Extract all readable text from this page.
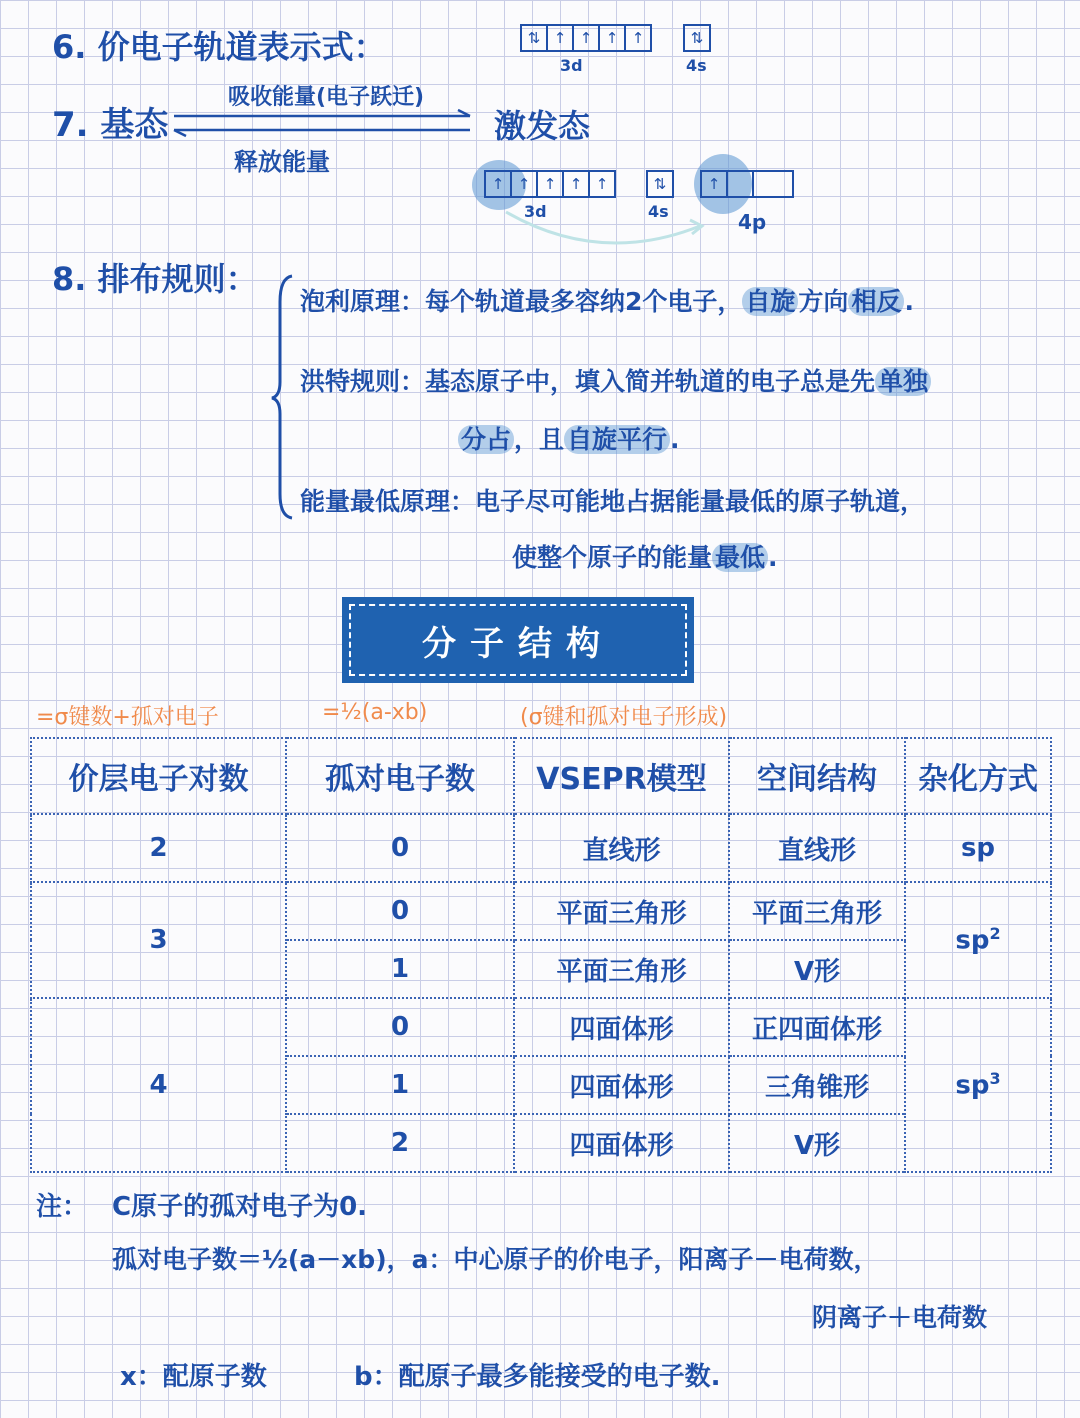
6. 价电子轨道表示式：	⇅ ↑ ↑ ↑ ↑	⇅
3d	4s
7. 基态
吸收能量(电子跃迁)
释放能量
激发态
↑ ↑ ↑ ↑ ↑	⇅	↑
3d	4s	4p
8. 排布规则：
泡利原理：每个轨道最多容纳2个电子， 自旋 方向 相反 .
洪特规则：基态原子中，填入简并轨道的电子总是先 单独
分占 ，且 自旋平行 .
能量最低原理：电子尽可能地占据能量最低的原子轨道，
使整个原子的能量 最低 .
分子结构
=σ键数+孤对电子	=½(a-xb)	(σ键和孤对电子形成)
价层电子对数	孤对电子数	VSEPR模型	空间结构	杂化方式
2	0	直线形	直线形	sp
3	0	平面三角形	平面三角形	$sp^2$
	1	平面三角形	V形	
4	0	四面体形	正四面体形	$sp^3$
	1	四面体形	三角锥形	
	2	四面体形	V形	
注： C原子的孤对电子为0.
孤对电子数＝½(a－xb)，a：中心原子的价电子，阳离子－电荷数，
阴离子＋电荷数
x：配原子数	b：配原子最多能接受的电子数.
